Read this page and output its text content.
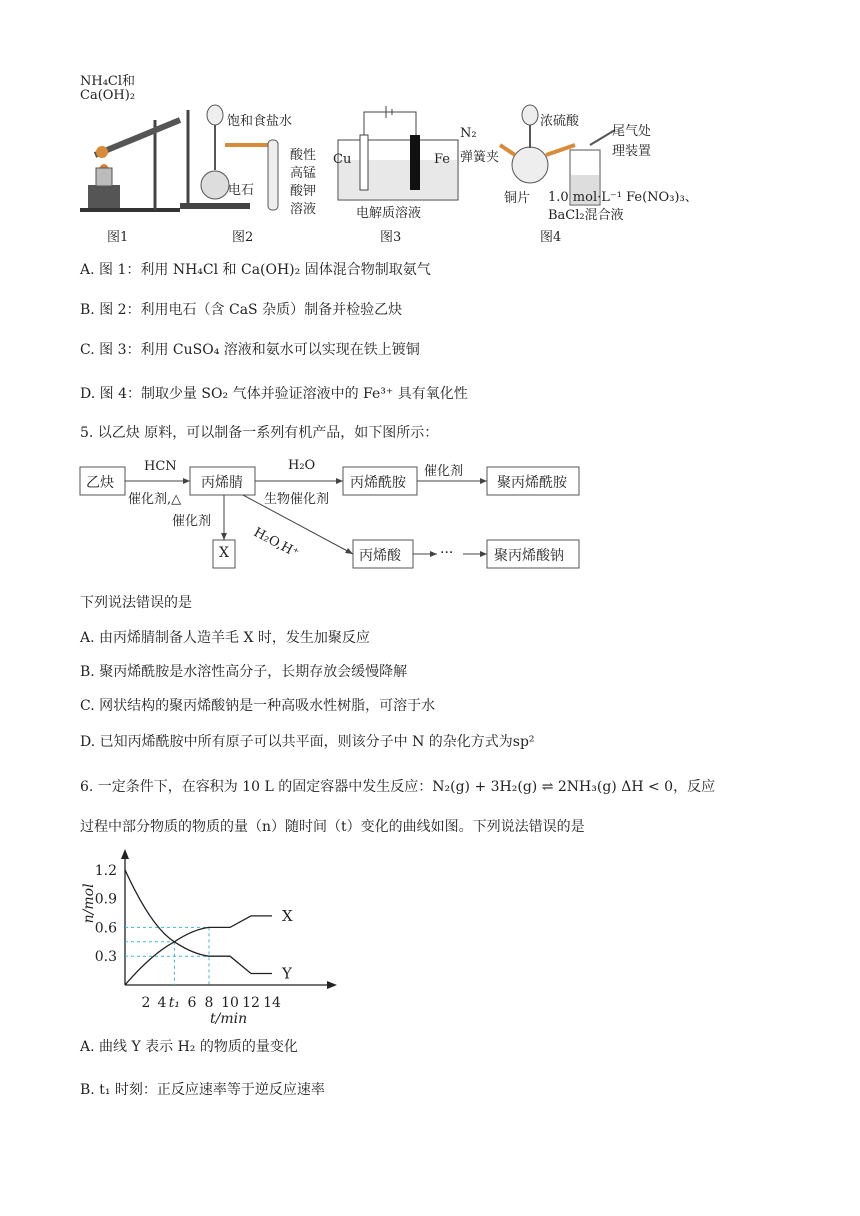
NH₄Cl和
Ca(OH)₂
图1
饱和食盐水
电石
酸性
高锰
酸钾
溶液
图2
Cu	Fe
电解质溶液
图3
N₂
弹簧夹
浓硫酸
尾气处
理装置
铜片 1.0 mol·L⁻¹ Fe(NO₃)₃、
BaCl₂混合液
图4
A. 图 1：利用 NH₄Cl 和 Ca(OH)₂ 固体混合物制取氨气
B. 图 2：利用电石（含 CaS 杂质）制备并检验乙炔
C. 图 3：利用 CuSO₄ 溶液和氨水可以实现在铁上镀铜
D. 图 4：制取少量 SO₂ 气体并验证溶液中的 Fe³⁺ 具有氧化性
5. 以乙炔 原料，可以制备一系列有机产品，如下图所示：
乙炔	丙烯腈	丙烯酰胺	聚丙烯酰胺
X	丙烯酸	···	聚丙烯酸钠
HCN
催化剂,△
H₂O
生物催化剂
催化剂
催化剂
H₂O,H⁺
下列说法错误的是
A. 由丙烯腈制备人造羊毛 X 时，发生加聚反应
B. 聚丙烯酰胺是水溶性高分子，长期存放会缓慢降解
C. 网状结构的聚丙烯酸钠是一种高吸水性树脂，可溶于水
D. 已知丙烯酰胺中所有原子可以共平面，则该分子中 N 的杂化方式为sp²
6. 一定条件下，在容积为 10 L 的固定容器中发生反应：N₂(g) + 3H₂(g) ⇌ 2NH₃(g) ΔH < 0，反应
过程中部分物质的物质的量（n）随时间（t）变化的曲线如图。下列说法错误的是
1.2
0.9
0.6
0.3
2 4 t₁ 6 8 10 12 14
t/min
n/mol	X
Y
A. 曲线 Y 表示 H₂ 的物质的量变化
B. t₁ 时刻：正反应速率等于逆反应速率
